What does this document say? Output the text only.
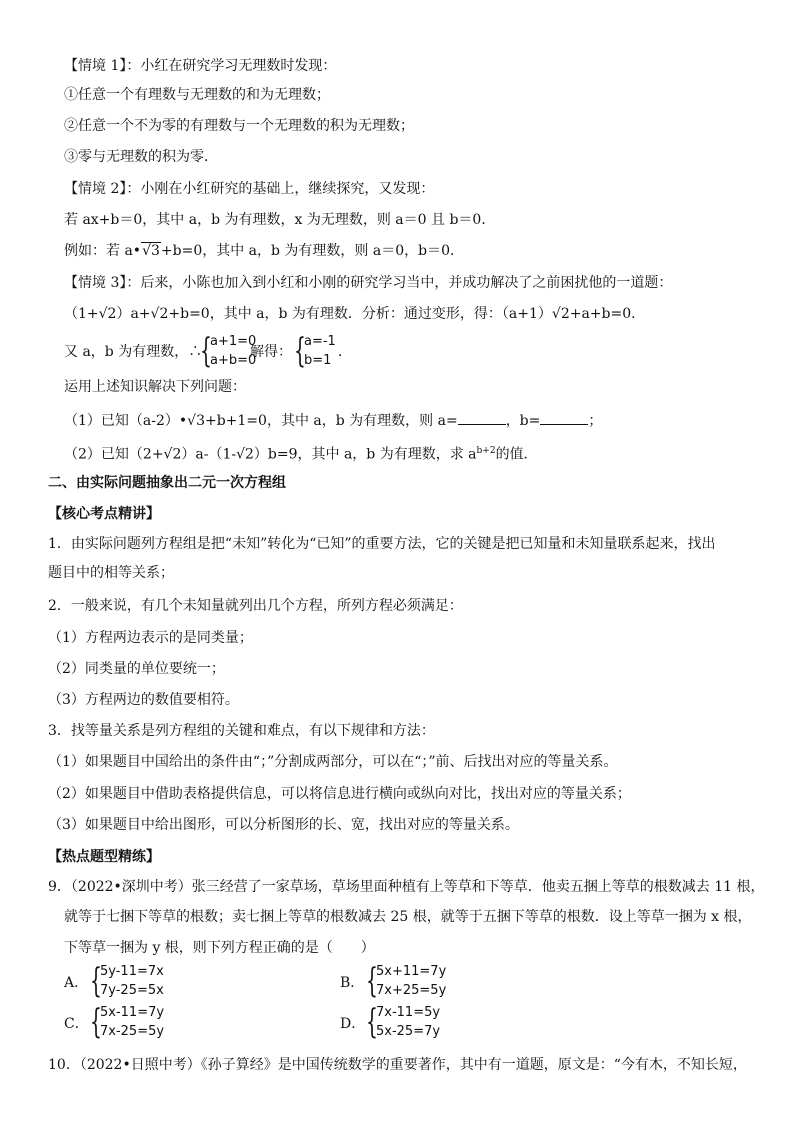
【情境 1】：小红在研究学习无理数时发现：
①任意一个有理数与无理数的和为无理数；
②任意一个不为零的有理数与一个无理数的积为无理数；
③零与无理数的积为零．
【情境 2】：小刚在小红研究的基础上，继续探究，又发现：
若 ax+b＝0，其中 a，b 为有理数，x 为无理数，则 a＝0 且 b＝0．
例如：若 a•√3+b=0，其中 a，b 为有理数，则 a＝0，b＝0．
【情境 3】：后来，小陈也加入到小红和小刚的研究学习当中，并成功解决了之前困扰他的一道题：
（1+√2）a+√2+b=0，其中 a，b 为有理数．分析：通过变形，得：（a+1）√2+a+b=0．
又 a，b 为有理数，∴
{
a+1=0
a+b=0
解得： {
a=-1
b=1
．
运用上述知识解决下列问题：
（1）已知（a-2）•√3+b+1=0，其中 a，b 为有理数，则 a=	，b=	；
（2）已知（2+√2）a-（1-√2）b=9，其中 a，b 为有理数，求 $a^{b+2}$的值．
二、由实际问题抽象出二元一次方程组
【核心考点精讲】
1．由实际问题列方程组是把“未知”转化为“已知”的重要方法，它的关键是把已知量和未知量联系起来，找出
题目中的相等关系；
2．一般来说，有几个未知量就列出几个方程，所列方程必须满足：
（1）方程两边表示的是同类量；
（2）同类量的单位要统一；
（3）方程两边的数值要相符。
3．找等量关系是列方程组的关键和难点，有以下规律和方法：
（1）如果题目中国给出的条件由“；”分割成两部分，可以在“；”前、后找出对应的等量关系。
（2）如果题目中借助表格提供信息，可以将信息进行横向或纵向对比，找出对应的等量关系；
（3）如果题目中给出图形，可以分析图形的长、宽，找出对应的等量关系。
【热点题型精练】
9．（2022•深圳中考）张三经营了一家草场，草场里面种植有上等草和下等草．他卖五捆上等草的根数减去 11 根，
就等于七捆下等草的根数；卖七捆上等草的根数减去 25 根，就等于五捆下等草的根数．设上等草一捆为 x 根，
下等草一捆为 y 根，则下列方程正确的是（　　）
A． {
5y-11=7x
7y-25=5x	B． {
5x+11=7y
7x+25=5y
C． {
5x-11=7y
7x-25=5y	D． {
7x-11=5y
5x-25=7y
10．（2022•日照中考）《孙子算经》是中国传统数学的重要著作，其中有一道题，原文是：“今有木，不知长短，
